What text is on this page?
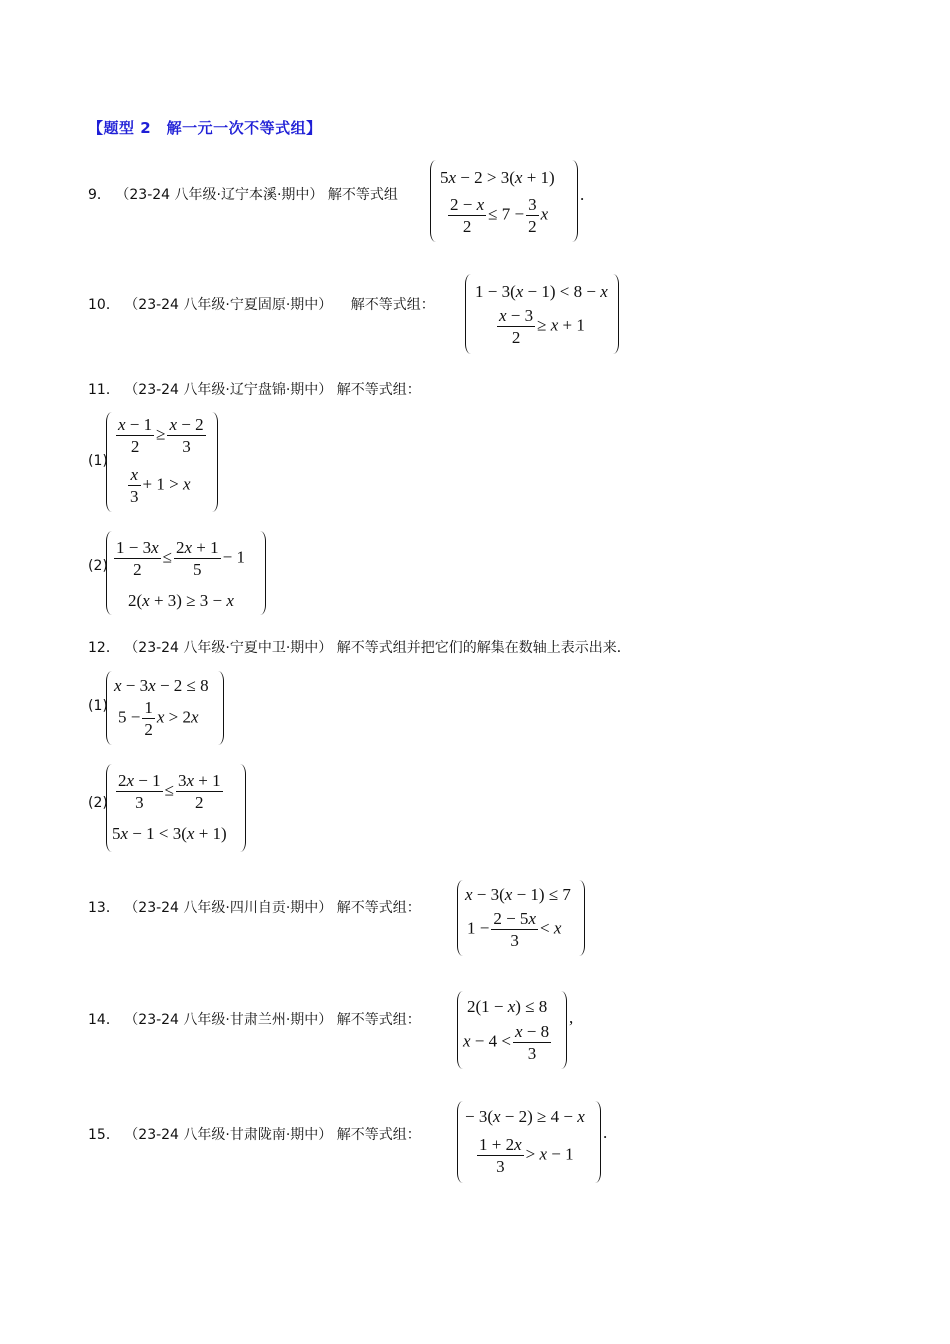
【题型 2　解一元一次不等式组】
9． （23-24 八年级·辽宁本溪·期中） 解不等式组
5x − 2 > 3(x + 1)
$\frac{2 - x}{2} \le 7 - \frac{3}{2}$ x
.
10． （23-24 八年级·宁夏固原·期中） 　解不等式组：
1 − 3(x − 1) < 8 − x
$\frac{x - 3}{2} \ge x + 1$
11． （23-24 八年级·辽宁盘锦·期中） 解不等式组：
(1)
$\frac{x - 1}{2} \ge \frac{x - 2}{3}$
$\frac{x}{3} + 1 > x$
$(2) \frac{1 - 3x}{2} \le \frac{2x + 1}{5} - 1$
2(x + 3) ≥ 3 − x
12． （23-24 八年级·宁夏中卫·期中） 解不等式组并把它们的解集在数轴上表示出来．
(1)
x − 3x − 2 ≤ 8
$5 - \frac{1}{2}$ x > 2x
$(2) \frac{2x - 1}{3} \le \frac{3x + 1}{2}$
5x − 1 < 3(x + 1)
13． （23-24 八年级·四川自贡·期中） 解不等式组：
x − 3(x − 1) ≤ 7
$1 - \frac{2 - 5x}{3} < x$
14． （23-24 八年级·甘肃兰州·期中） 解不等式组：
2(1 − x) ≤ 8
$x - 4 < \frac{x - 8}{3}$
,
15． （23-24 八年级·甘肃陇南·期中） 解不等式组：
− 3(x − 2) ≥ 4 − x
$\frac{1 + 2x}{3} > x - 1$
.
